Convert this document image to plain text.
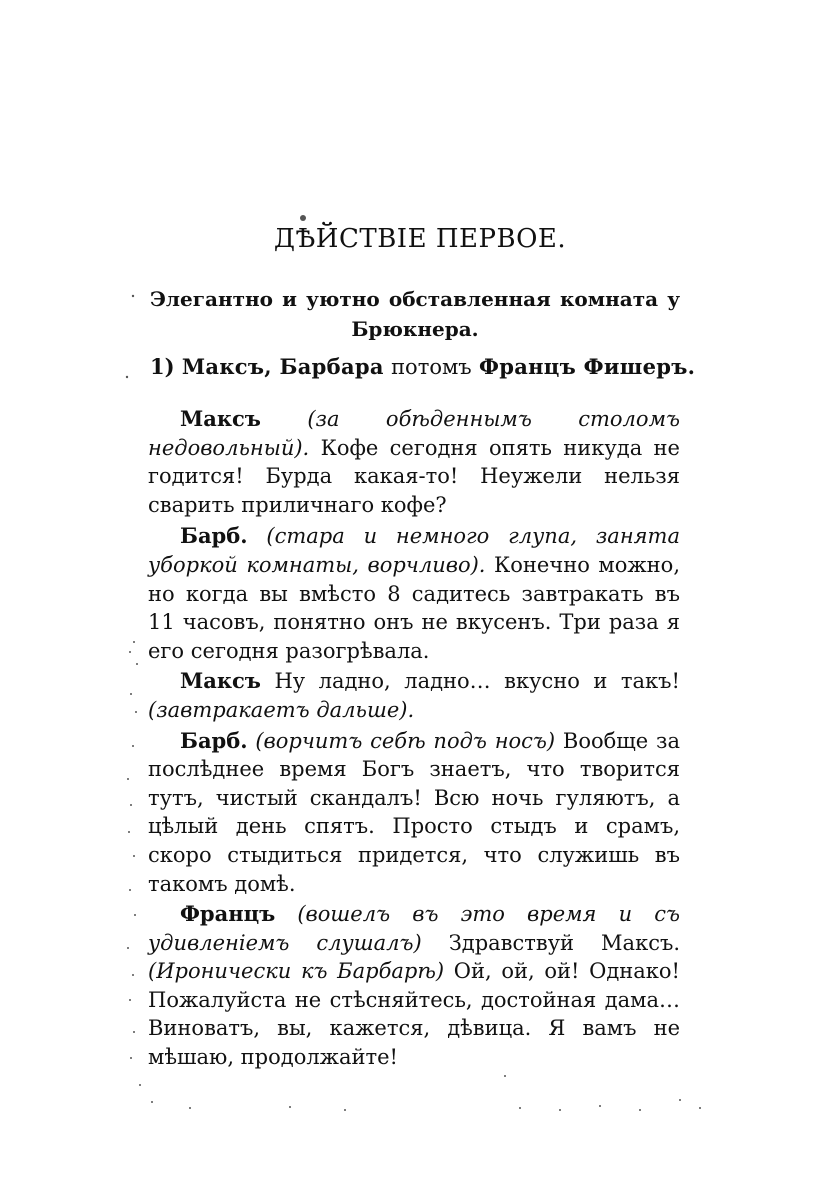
ДѢЙСТВІЕ ПЕРВОЕ.
Элегантно и уютно обставленная комната у Брюкнера.
1) Максъ, Барбара потомъ Францъ Фишеръ.

Максъ (за обѣденнымъ столомъ недовольный). Кофе сегодня опять никуда не годится! Бурда какая-то! Неужели нельзя сварить приличнаго кофе?

Барб. (стара и немного глупа, занята уборкой комнаты, ворчливо). Конечно можно, но когда вы вмѣсто 8 садитесь завтракать въ 11 часовъ, понятно онъ не вкусенъ. Три раза я его сегодня разогрѣвала.

Максъ Ну ладно, ладно… вкусно и такъ! (завтракаетъ дальше).

Барб. (ворчитъ себѣ подъ носъ) Вообще за послѣднее время Богъ знаетъ, что творится тутъ, чистый скандалъ! Всю ночь гуляютъ, а цѣлый день спятъ. Просто стыдъ и срамъ, скоро стыдиться придется, что служишь въ такомъ домѣ.

Францъ (вошелъ въ это время и съ удивленіемъ слушалъ) Здравствуй Максъ. (Иронически къ Барбарѣ) Ой, ой, ой! Однако! Пожалуйста не стѣсняйтесь, достойная дама… Виноватъ, вы, кажется, дѣвица. Я вамъ не мѣшаю, продолжайте!
